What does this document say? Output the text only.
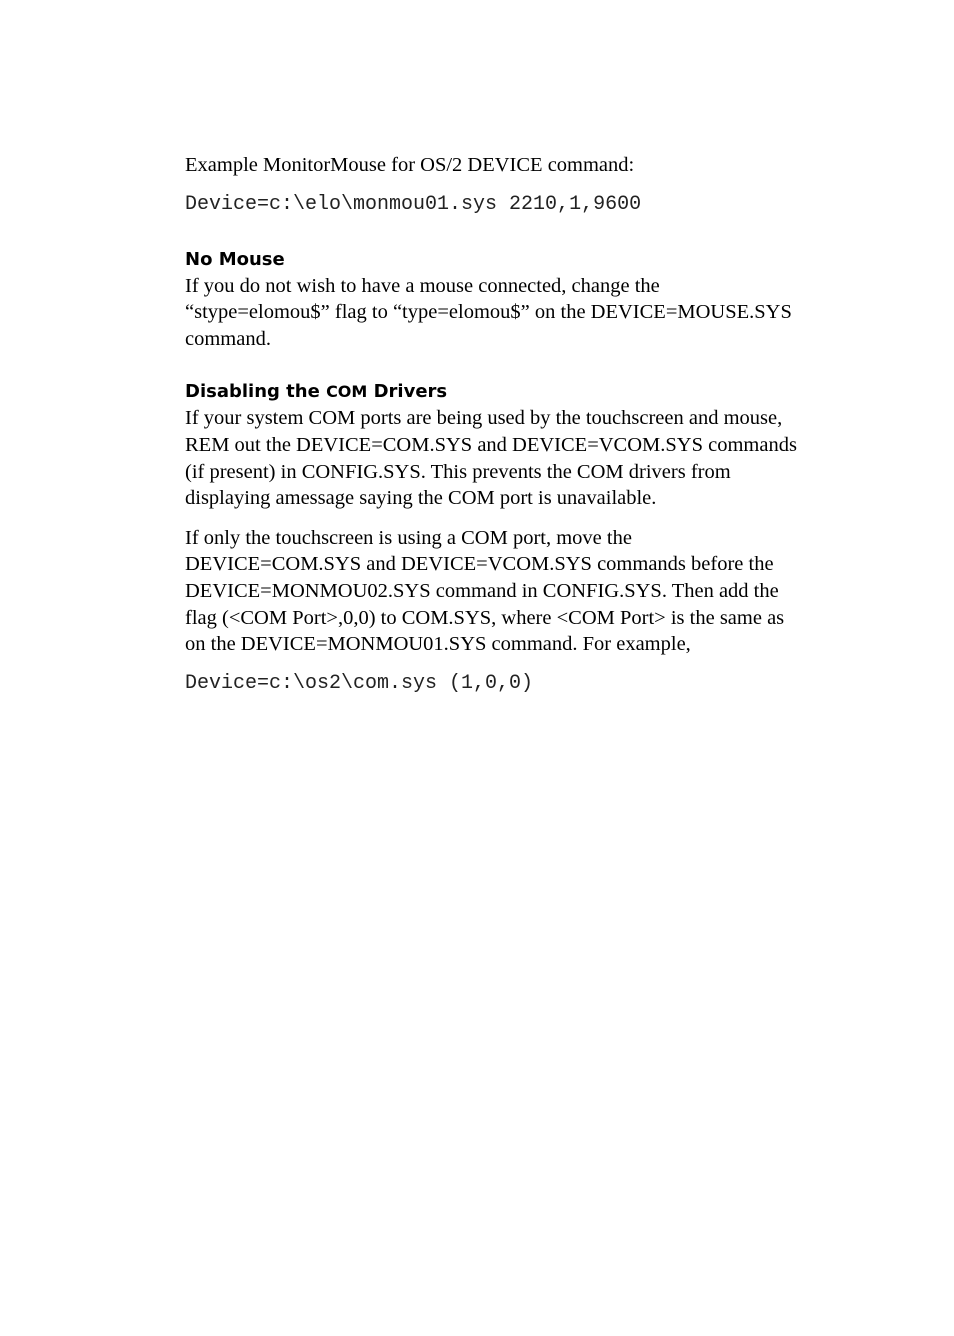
Example MonitorMouse for OS/2 DEVICE command:

Device=c:\elo\monmou01.sys 2210,1,9600

No Mouse

If you do not wish to have a mouse connected, change the
“stype=elomou$” flag to “type=elomou$” on the DEVICE=MOUSE.SYS
command.

Disabling the COM Drivers

If your system COM ports are being used by the touchscreen and mouse,
REM out the DEVICE=COM.SYS and DEVICE=VCOM.SYS commands
(if present) in CONFIG.SYS. This prevents the COM drivers from
displaying amessage saying the COM port is unavailable.

If only the touchscreen is using a COM port, move the
DEVICE=COM.SYS and DEVICE=VCOM.SYS commands before the
DEVICE=MONMOU02.SYS command in CONFIG.SYS. Then add the
flag (<COM Port>,0,0) to COM.SYS, where <COM Port> is the same as
on the DEVICE=MONMOU01.SYS command. For example,

Device=c:\os2\com.sys (1,0,0)
